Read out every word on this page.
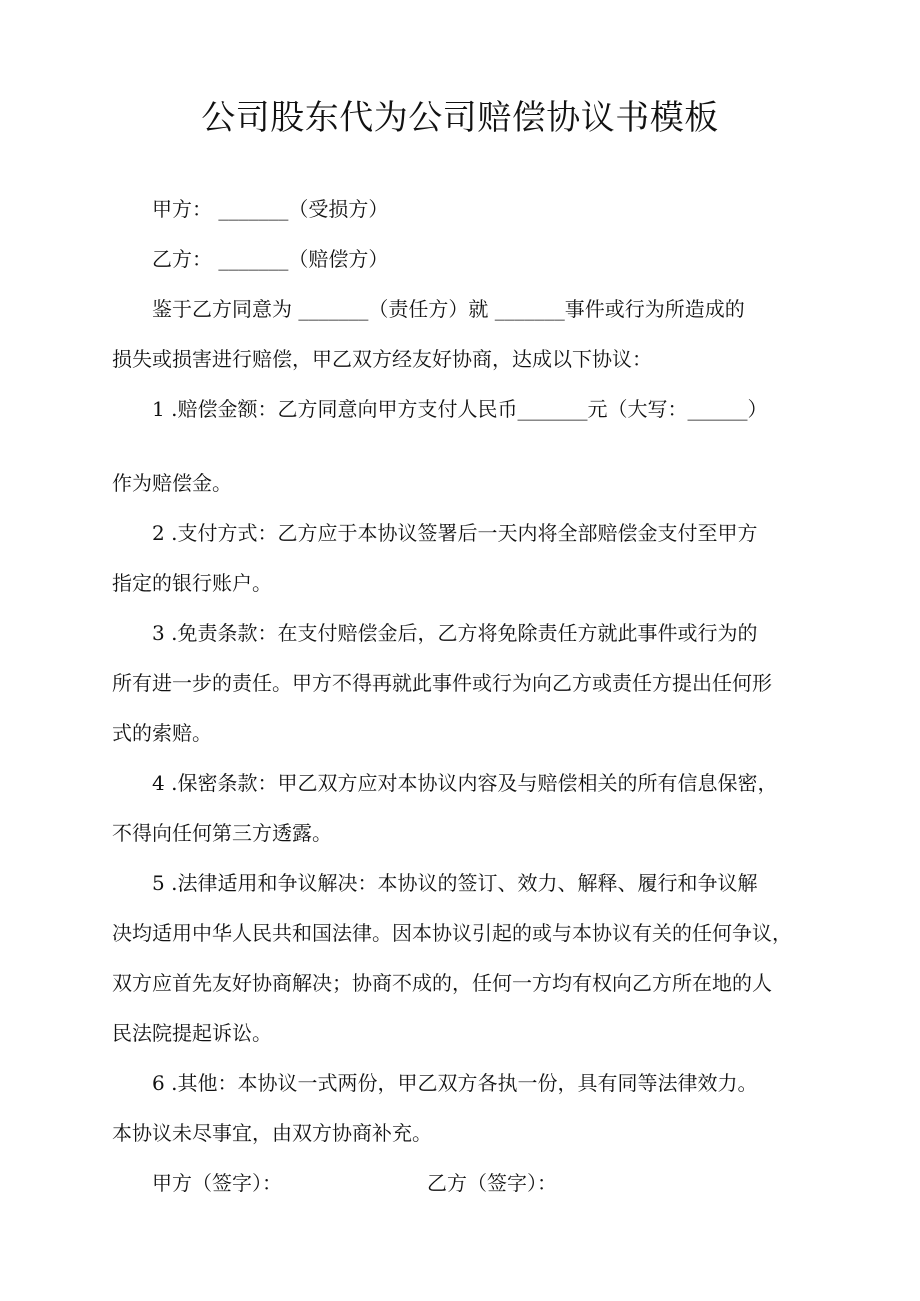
公司股东代为公司赔偿协议书模板
甲方： _______（受损方）
乙方： _______（赔偿方）
鉴于乙方同意为 _______（责任方）就 _______事件或行为所造成的
损失或损害进行赔偿，甲乙双方经友好协商，达成以下协议：
1 .赔偿金额：乙方同意向甲方支付人民币_______元（大写：______）
作为赔偿金。
2 .支付方式：乙方应于本协议签署后一天内将全部赔偿金支付至甲方
指定的银行账户。
3 .免责条款：在支付赔偿金后，乙方将免除责任方就此事件或行为的
所有进一步的责任。甲方不得再就此事件或行为向乙方或责任方提出任何形
式的索赔。
4 .保密条款：甲乙双方应对本协议内容及与赔偿相关的所有信息保密，
不得向任何第三方透露。
5 .法律适用和争议解决：本协议的签订、效力、解释、履行和争议解
决均适用中华人民共和国法律。因本协议引起的或与本协议有关的任何争议，
双方应首先友好协商解决；协商不成的，任何一方均有权向乙方所在地的人
民法院提起诉讼。
6 .其他：本协议一式两份，甲乙双方各执一份，具有同等法律效力。
本协议未尽事宜，由双方协商补充。
甲方（签字）：	乙方（签字）：
